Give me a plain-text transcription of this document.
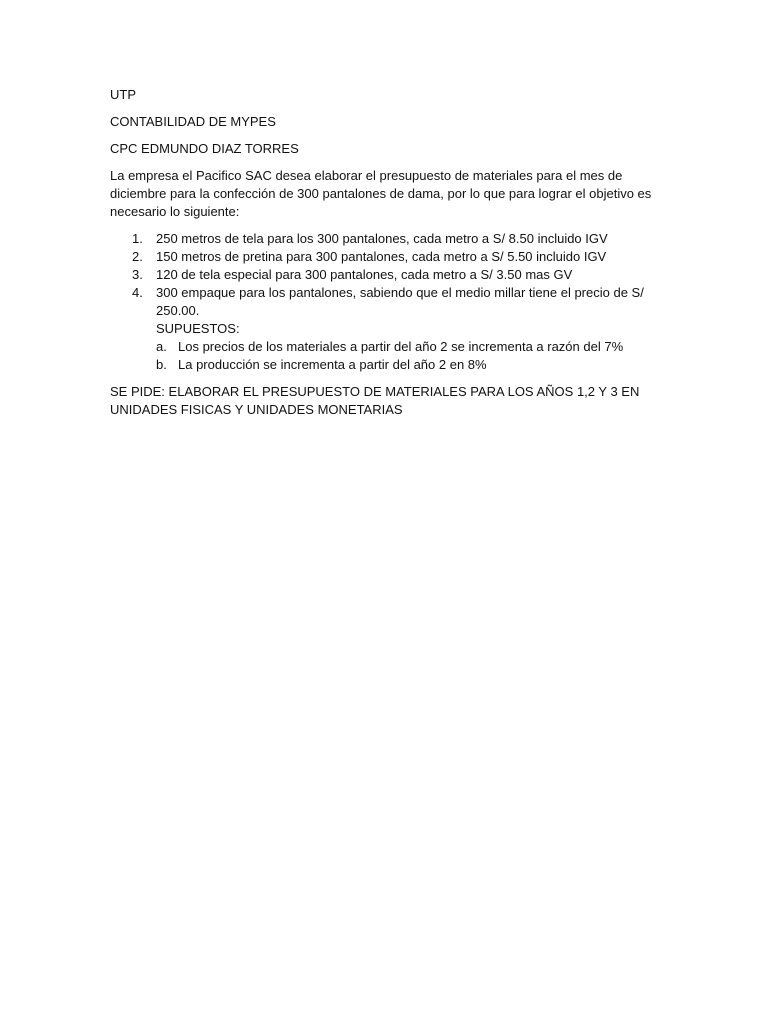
UTP

CONTABILIDAD DE MYPES

CPC EDMUNDO DIAZ TORRES

La empresa el Pacifico SAC desea elaborar el presupuesto de materiales para el mes de diciembre para la confección de 300 pantalones de dama, por lo que para lograr el objetivo es necesario lo siguiente:

1. 250 metros de tela para los 300 pantalones, cada metro a S/ 8.50 incluido IGV
2. 150 metros de pretina para 300 pantalones, cada metro a S/ 5.50 incluido IGV
3. 120 de tela especial para 300 pantalones, cada metro a S/ 3.50 mas GV
4. 300 empaque para los pantalones, sabiendo que el medio millar tiene el precio de S/ 250.00.
SUPUESTOS:
a. Los precios de los materiales a partir del año 2 se incrementa a razón del 7%
b. La producción se incrementa a partir del año 2 en 8%

SE PIDE: ELABORAR EL PRESUPUESTO DE MATERIALES PARA LOS AÑOS 1,2 Y 3 EN UNIDADES FISICAS Y UNIDADES MONETARIAS
